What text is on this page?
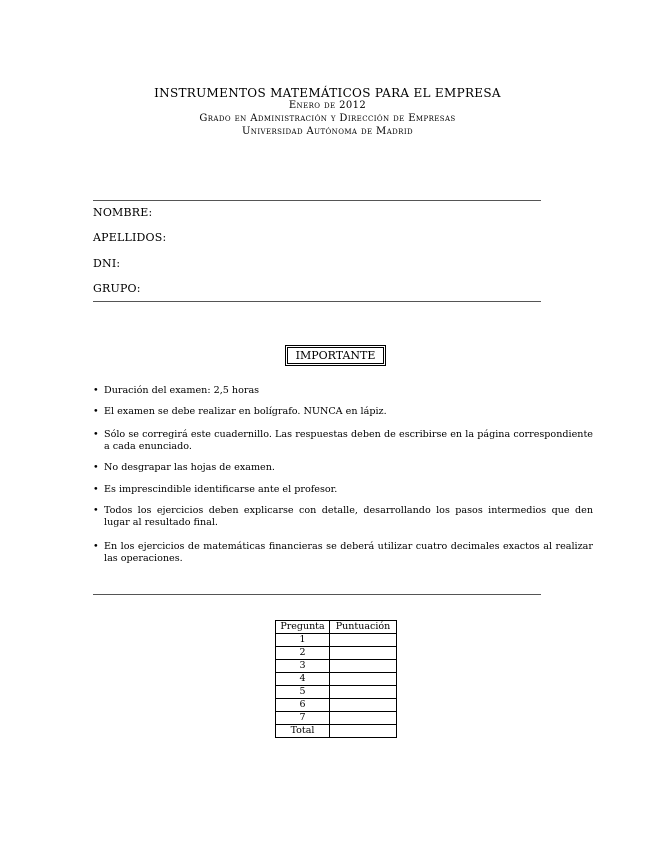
INSTRUMENTOS MATEMÁTICOS PARA EL EMPRESA
Enero de 2012
Grado en Administración y Dirección de Empresas
Universidad Autónoma de Madrid
NOMBRE:
APELLIDOS:
DNI:
GRUPO:
IMPORTANTE
• Duración del examen: 2,5 horas
• El examen se debe realizar en bolígrafo. NUNCA en lápiz.
• Sólo se corregirá este cuadernillo. Las respuestas deben de escribirse en la página correspondiente a cada enunciado.
• No desgrapar las hojas de examen.
• Es imprescindible identificarse ante el profesor.
• Todos los ejercicios deben explicarse con detalle, desarrollando los pasos intermedios que den lugar al resultado final.
• En los ejercicios de matemáticas financieras se deberá utilizar cuatro decimales exactos al realizar las operaciones.
Pregunta	Puntuación
1	
2	
3	
4	
5	
6	
7	
Total	
